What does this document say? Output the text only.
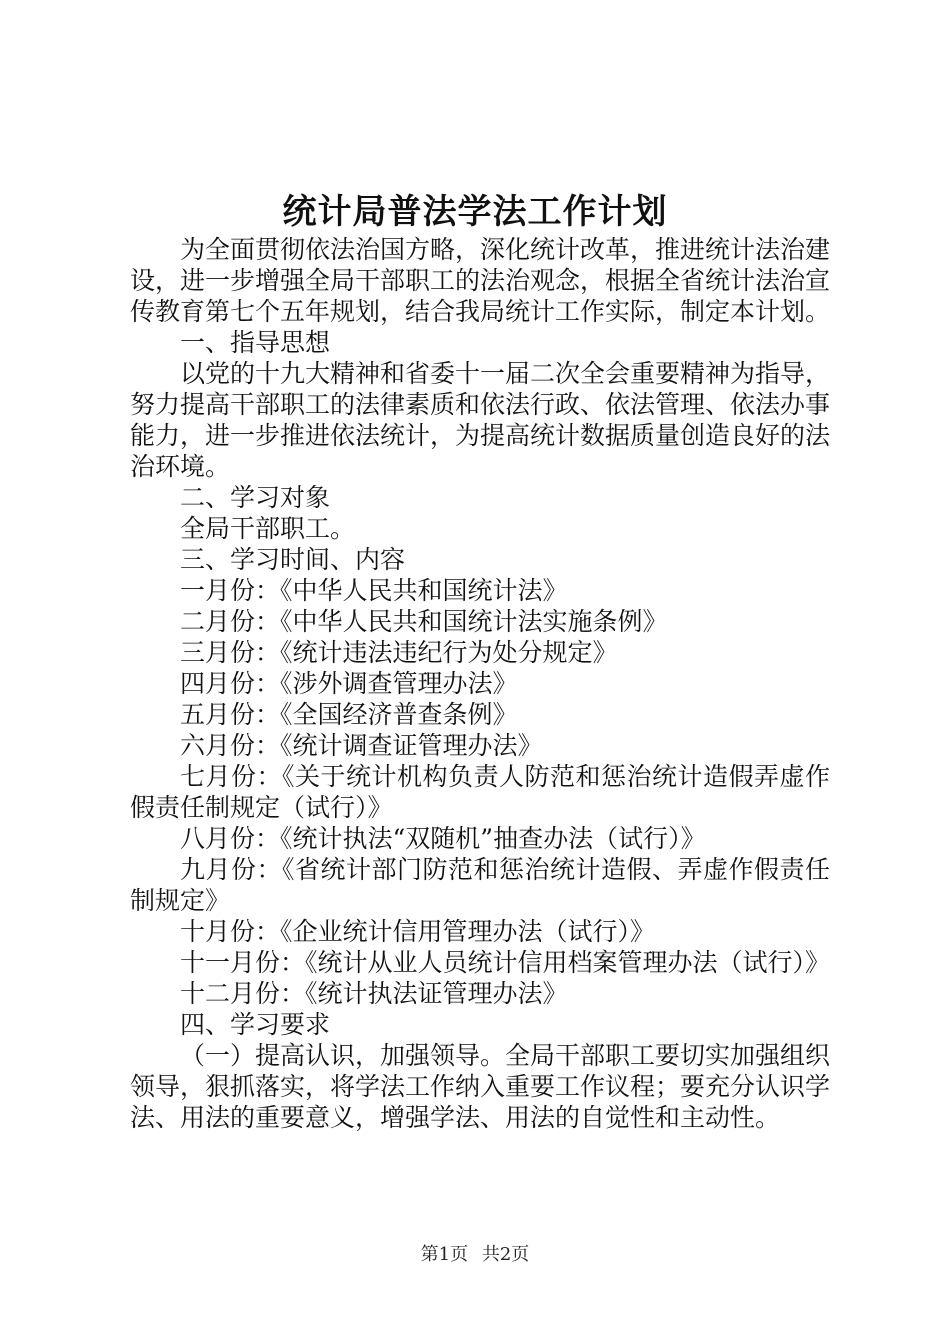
统计局普法学法工作计划

为全面贯彻依法治国方略，深化统计改革，推进统计法治建设，进一步增强全局干部职工的法治观念，根据全省统计法治宣传教育第七个五年规划，结合我局统计工作实际，制定本计划。

一、指导思想

以党的十九大精神和省委十一届二次全会重要精神为指导，努力提高干部职工的法律素质和依法行政、依法管理、依法办事能力，进一步推进依法统计，为提高统计数据质量创造良好的法治环境。

二、学习对象

全局干部职工。

三、学习时间、内容

一月份：《中华人民共和国统计法》

二月份：《中华人民共和国统计法实施条例》

三月份：《统计违法违纪行为处分规定》

四月份：《涉外调查管理办法》

五月份：《全国经济普查条例》

六月份：《统计调查证管理办法》

七月份：《关于统计机构负责人防范和惩治统计造假弄虚作假责任制规定（试行）》

八月份：《统计执法“双随机”抽查办法（试行）》

九月份：《省统计部门防范和惩治统计造假、弄虚作假责任制规定》

十月份：《企业统计信用管理办法（试行）》

十一月份：《统计从业人员统计信用档案管理办法（试行）》

十二月份：《统计执法证管理办法》

四、学习要求

（一）提高认识，加强领导。全局干部职工要切实加强组织领导，狠抓落实，将学法工作纳入重要工作议程；要充分认识学法、用法的重要意义，增强学法、用法的自觉性和主动性。

第1页 共2页
